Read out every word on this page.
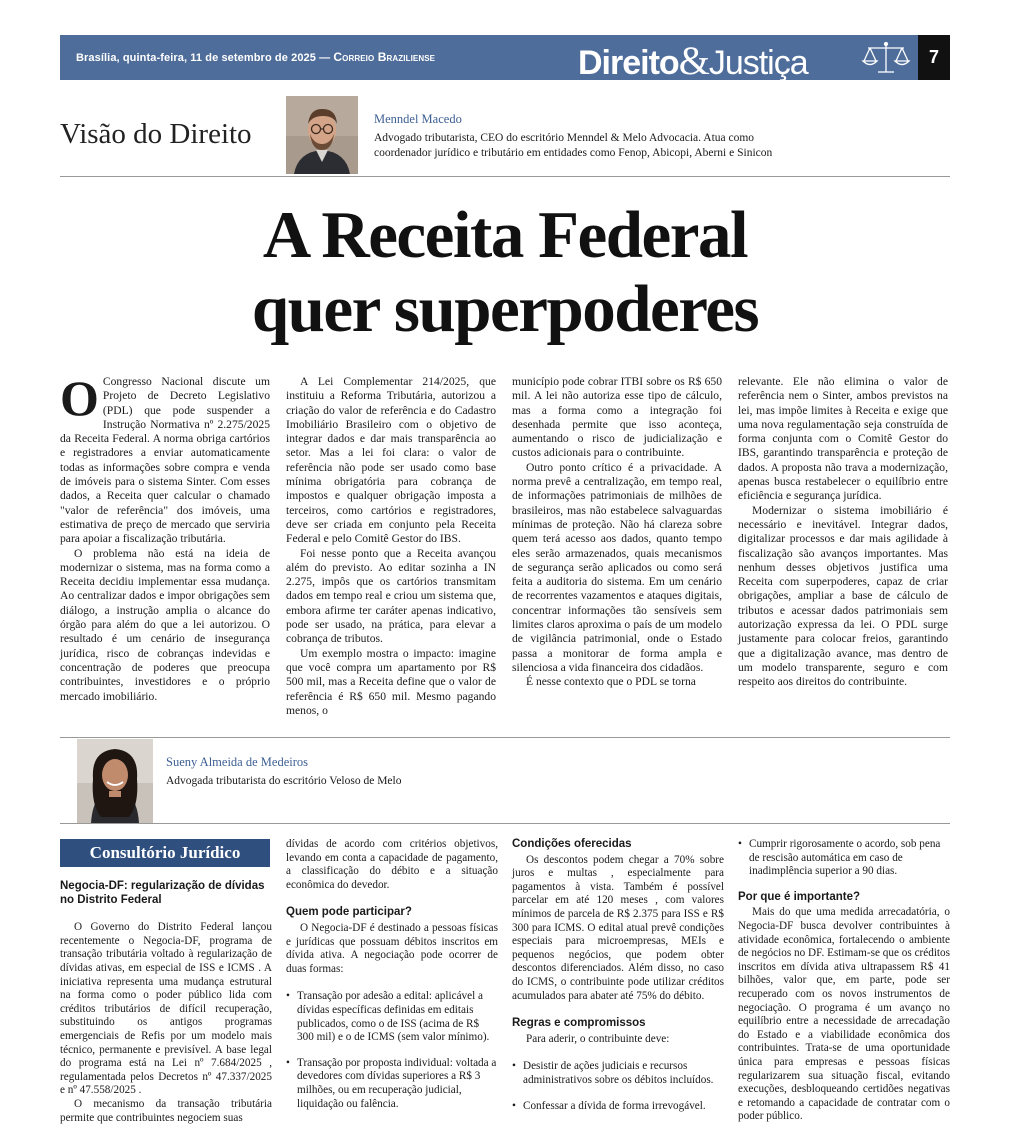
Brasília, quinta-feira, 11 de setembro de 2025 — Correio Braziliense	Direito&Justiça	7
Visão do Direito	Menndel Macedo
Advogado tributarista, CEO do escritório Menndel & Melo Advocacia. Atua como coordenador jurídico e tributário em entidades como Fenop, Abicopi, Aberni e Sinicon
A Receita Federal
quer superpoderes

O Congresso Nacional discute um Projeto de Decreto Legislativo (PDL) que pode suspender a Instrução Normativa nº 2.275/2025 da Receita Federal. A norma obriga cartórios e registradores a enviar automaticamente todas as informações sobre compra e venda de imóveis para o sistema Sinter. Com esses dados, a Receita quer calcular o chamado "valor de referência" dos imóveis, uma estimativa de preço de mercado que serviria para apoiar a fiscalização tributária.

O problema não está na ideia de modernizar o sistema, mas na forma como a Receita decidiu implementar essa mudança. Ao centralizar dados e impor obrigações sem diálogo, a instrução amplia o alcance do órgão para além do que a lei autorizou. O resultado é um cenário de insegurança jurídica, risco de cobranças indevidas e concentração de poderes que preocupa contribuintes, investidores e o próprio mercado imobiliário.

A Lei Complementar 214/2025, que instituiu a Reforma Tributária, autorizou a criação do valor de referência e do Cadastro Imobiliário Brasileiro com o objetivo de integrar dados e dar mais transparência ao setor. Mas a lei foi clara: o valor de referência não pode ser usado como base mínima obrigatória para cobrança de impostos e qualquer obrigação imposta a terceiros, como cartórios e registradores, deve ser criada em conjunto pela Receita Federal e pelo Comitê Gestor do IBS.

Foi nesse ponto que a Receita avançou além do previsto. Ao editar sozinha a IN 2.275, impôs que os cartórios transmitam dados em tempo real e criou um sistema que, embora afirme ter caráter apenas indicativo, pode ser usado, na prática, para elevar a cobrança de tributos.

Um exemplo mostra o impacto: imagine que você compra um apartamento por R$ 500 mil, mas a Receita define que o valor de referência é R$ 650 mil. Mesmo pagando menos, o

município pode cobrar ITBI sobre os R$ 650 mil. A lei não autoriza esse tipo de cálculo, mas a forma como a integração foi desenhada permite que isso aconteça, aumentando o risco de judicialização e custos adicionais para o contribuinte.

Outro ponto crítico é a privacidade. A norma prevê a centralização, em tempo real, de informações patrimoniais de milhões de brasileiros, mas não estabelece salvaguardas mínimas de proteção. Não há clareza sobre quem terá acesso aos dados, quanto tempo eles serão armazenados, quais mecanismos de segurança serão aplicados ou como será feita a auditoria do sistema. Em um cenário de recorrentes vazamentos e ataques digitais, concentrar informações tão sensíveis sem limites claros aproxima o país de um modelo de vigilância patrimonial, onde o Estado passa a monitorar de forma ampla e silenciosa a vida financeira dos cidadãos.

É nesse contexto que o PDL se torna

relevante. Ele não elimina o valor de referência nem o Sinter, ambos previstos na lei, mas impõe limites à Receita e exige que uma nova regulamentação seja construída de forma conjunta com o Comitê Gestor do IBS, garantindo transparência e proteção de dados. A proposta não trava a modernização, apenas busca restabelecer o equilíbrio entre eficiência e segurança jurídica.

Modernizar o sistema imobiliário é necessário e inevitável. Integrar dados, digitalizar processos e dar mais agilidade à fiscalização são avanços importantes. Mas nenhum desses objetivos justifica uma Receita com superpoderes, capaz de criar obrigações, ampliar a base de cálculo de tributos e acessar dados patrimoniais sem autorização expressa da lei. O PDL surge justamente para colocar freios, garantindo que a digitalização avance, mas dentro de um modelo transparente, seguro e com respeito aos direitos do contribuinte.

Sueny Almeida de Medeiros
Advogada tributarista do escritório Veloso de Melo
Consultório Jurídico

Negocia-DF: regularização de dívidas no Distrito Federal

O Governo do Distrito Federal lançou recentemente o Negocia-DF, programa de transação tributária voltado à regularização de dívidas ativas, em especial de ISS e ICMS . A iniciativa representa uma mudança estrutural na forma como o poder público lida com créditos tributários de difícil recuperação, substituindo os antigos programas emergenciais de Refis por um modelo mais técnico, permanente e previsível. A base legal do programa está na Lei nº 7.684/2025 , regulamentada pelos Decretos nº 47.337/2025 e nº 47.558/2025 .

O mecanismo da transação tributária permite que contribuintes negociem suas

dívidas de acordo com critérios objetivos, levando em conta a capacidade de pagamento, a classificação do débito e a situação econômica do devedor.

Quem pode participar?

O Negocia-DF é destinado a pessoas físicas e jurídicas que possuam débitos inscritos em dívida ativa. A negociação pode ocorrer de duas formas:

• Transação por adesão a edital: aplicável a dívidas específicas definidas em editais publicados, como o de ISS (acima de R$ 300 mil) e o de ICMS (sem valor mínimo).
• Transação por proposta individual: voltada a devedores com dívidas superiores a R$ 3 milhões, ou em recuperação judicial, liquidação ou falência.

Condições oferecidas

Os descontos podem chegar a 70% sobre juros e multas , especialmente para pagamentos à vista. Também é possível parcelar em até 120 meses , com valores mínimos de parcela de R$ 2.375 para ISS e R$ 300 para ICMS. O edital atual prevê condições especiais para microempresas, MEIs e pequenos negócios, que podem obter descontos diferenciados. Além disso, no caso do ICMS, o contribuinte pode utilizar créditos acumulados para abater até 75% do débito.

Regras e compromissos

Para aderir, o contribuinte deve:

• Desistir de ações judiciais e recursos administrativos sobre os débitos incluídos.
• Confessar a dívida de forma irrevogável.
• Cumprir rigorosamente o acordo, sob pena de rescisão automática em caso de inadimplência superior a 90 dias.

Por que é importante?

Mais do que uma medida arrecadatória, o Negocia-DF busca devolver contribuintes à atividade econômica, fortalecendo o ambiente de negócios no DF. Estimam-se que os créditos inscritos em dívida ativa ultrapassem R$ 41 bilhões, valor que, em parte, pode ser recuperado com os novos instrumentos de negociação. O programa é um avanço no equilíbrio entre a necessidade de arrecadação do Estado e a viabilidade econômica dos contribuintes. Trata-se de uma oportunidade única para empresas e pessoas físicas regularizarem sua situação fiscal, evitando execuções, desbloqueando certidões negativas e retomando a capacidade de contratar com o poder público.
